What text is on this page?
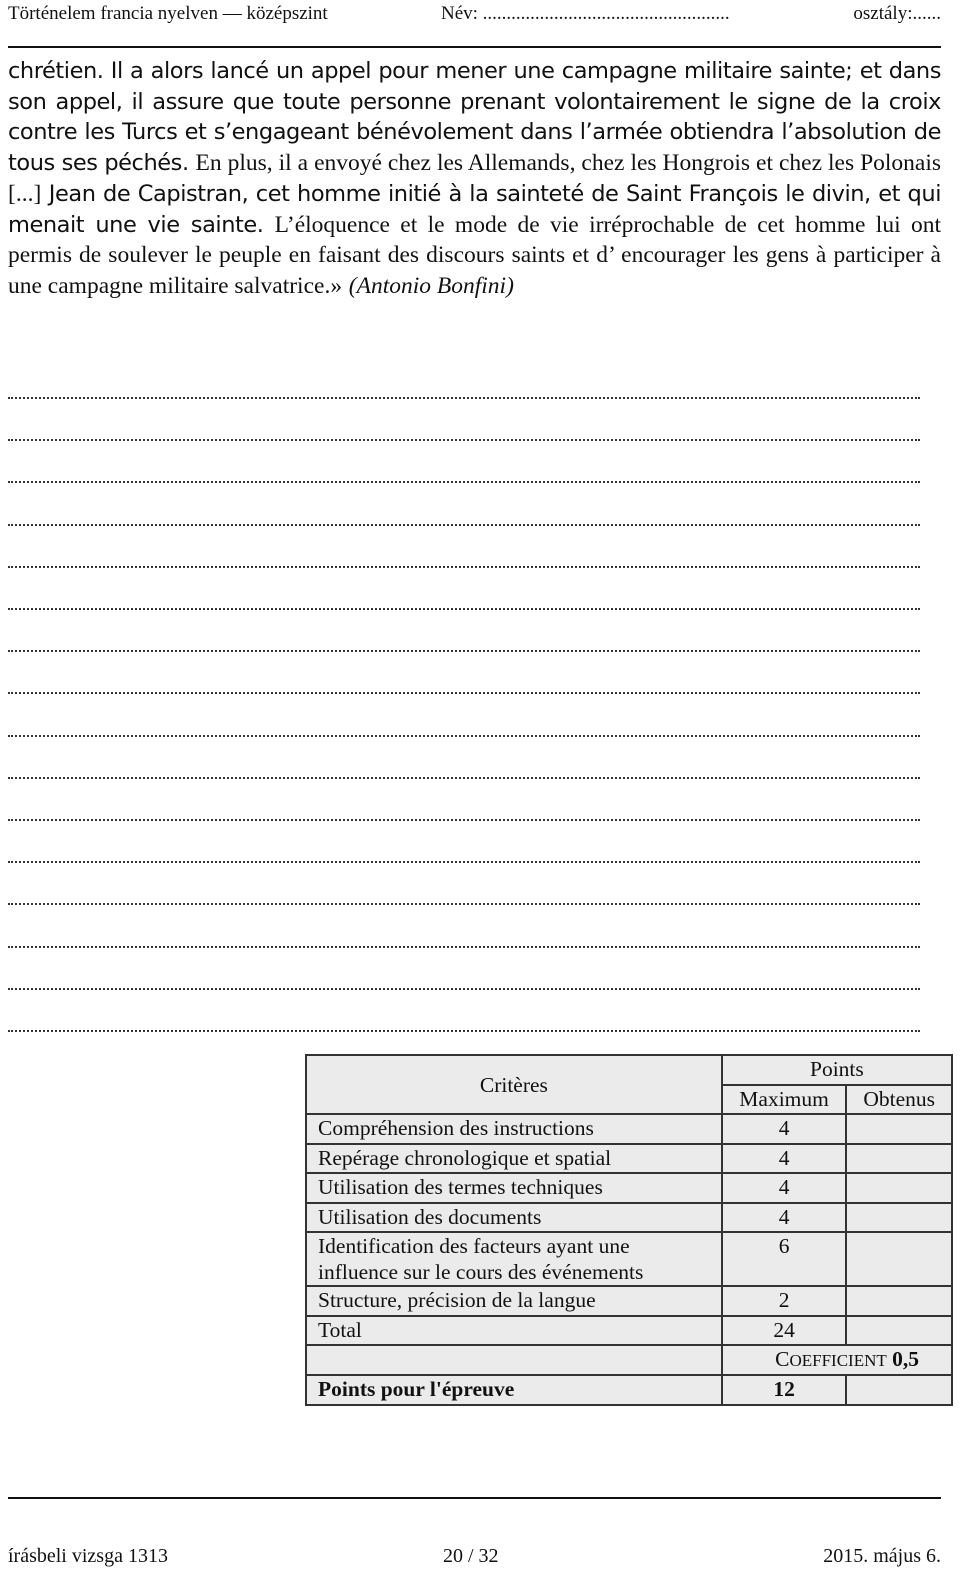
Történelem francia nyelven — középszint	Név: ....................................................	osztály:......
chrétien. Il a alors lancé un appel pour mener une campagne militaire sainte; et dans son appel, il assure que toute personne prenant volontairement le signe de la croix contre les Turcs et s’engageant bénévolement dans l’armée obtiendra l’absolution de tous ses péchés. En plus, il a envoyé chez les Allemands, chez les Hongrois et chez les Polonais [...] Jean de Capistran, cet homme initié à la sainteté de Saint François le divin, et qui menait une vie sainte. L’éloquence et le mode de vie irréprochable de cet homme lui ont permis de soulever le peuple en faisant des discours saints et d’ encourager les gens à participer à une campagne militaire salvatrice.» (Antonio Bonfini)
Critères	Points	
	Maximum	Obtenus
Compréhension des instructions	4	
Repérage chronologique et spatial	4	
Utilisation des termes techniques	4	
Utilisation des documents	4	
Identification des facteurs ayant une influence sur le cours des événements	6	
Structure, précision de la langue	2	
Total	24	
	COEFFICIENT 0,5	
Points pour l'épreuve	12	
írásbeli vizsga 1313	20 / 32	2015. május 6.
